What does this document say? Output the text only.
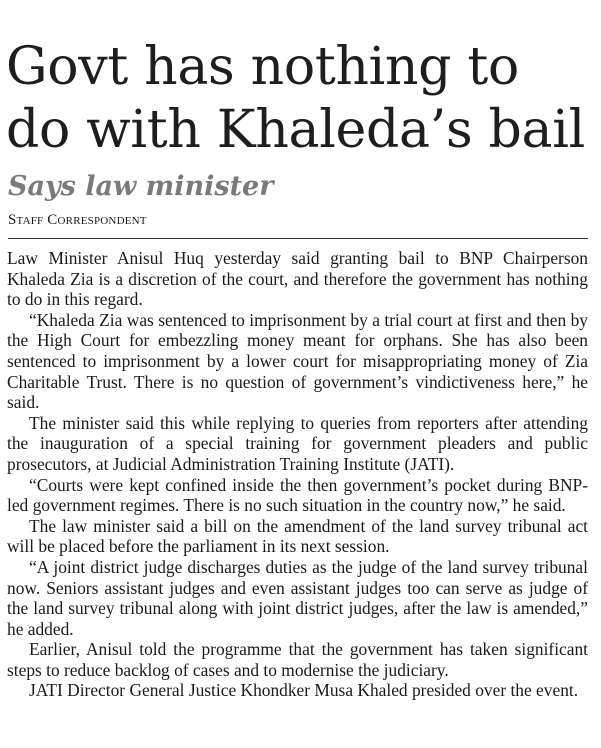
Govt has nothing to do with Khaleda’s bail
Says law minister
Staff Correspondent

Law Minister Anisul Huq yesterday said granting bail to BNP Chairperson Khaleda Zia is a discretion of the court, and therefore the government has nothing to do in this regard.

“Khaleda Zia was sentenced to imprisonment by a trial court at first and then by the High Court for embezzling money meant for orphans. She has also been sentenced to imprisonment by a lower court for misappropriating money of Zia Charitable Trust. There is no question of government’s vindictiveness here,” he said.

The minister said this while replying to queries from reporters after attending the inauguration of a special training for government pleaders and public prosecutors, at Judicial Administration Training Institute (JATI).

“Courts were kept confined inside the then government’s pocket during BNP-led government regimes. There is no such situation in the country now,” he said.

The law minister said a bill on the amendment of the land survey tribunal act will be placed before the parliament in its next session.

“A joint district judge discharges duties as the judge of the land survey tribunal now. Seniors assistant judges and even assistant judges too can serve as judge of the land survey tribunal along with joint district judges, after the law is amended,” he added.

Earlier, Anisul told the programme that the government has taken significant steps to reduce backlog of cases and to modernise the judiciary.

JATI Director General Justice Khondker Musa Khaled presided over the event.
